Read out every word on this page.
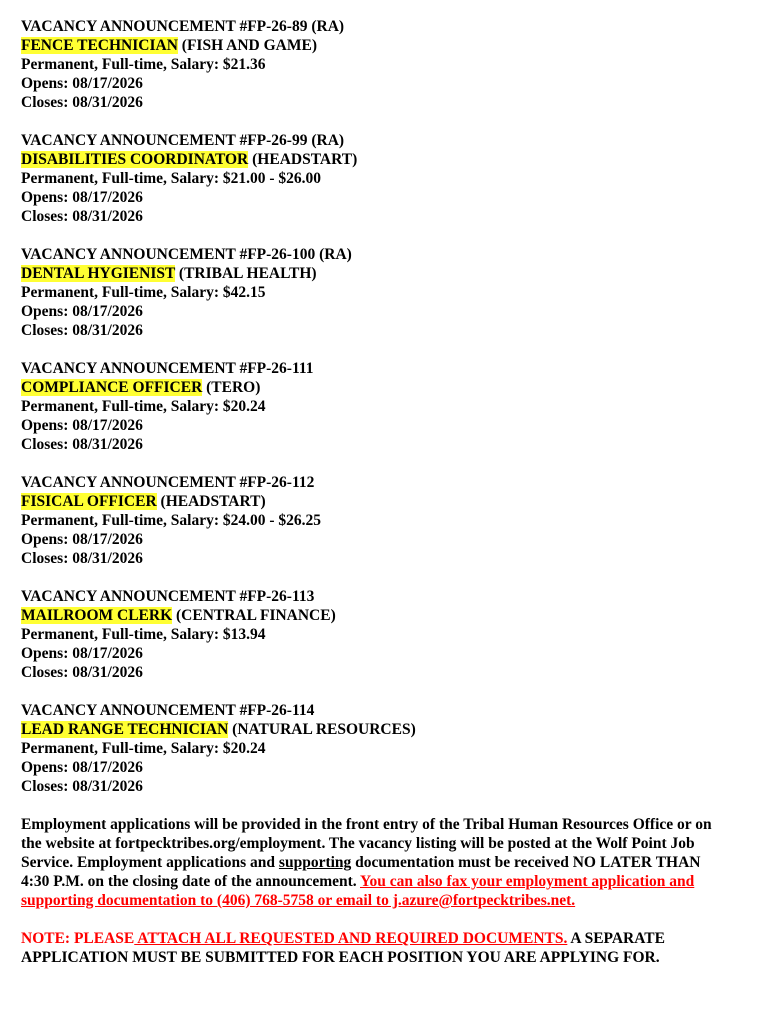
VACANCY ANNOUNCEMENT #FP-26-89 (RA)
FENCE TECHNICIAN (FISH AND GAME)
Permanent, Full-time, Salary: $21.36
Opens: 08/17/2026
Closes: 08/31/2026
VACANCY ANNOUNCEMENT #FP-26-99 (RA)
DISABILITIES COORDINATOR (HEADSTART)
Permanent, Full-time, Salary: $21.00 - $26.00
Opens: 08/17/2026
Closes: 08/31/2026
VACANCY ANNOUNCEMENT #FP-26-100 (RA)
DENTAL HYGIENIST (TRIBAL HEALTH)
Permanent, Full-time, Salary: $42.15
Opens: 08/17/2026
Closes: 08/31/2026
VACANCY ANNOUNCEMENT #FP-26-111
COMPLIANCE OFFICER (TERO)
Permanent, Full-time, Salary: $20.24
Opens: 08/17/2026
Closes: 08/31/2026
VACANCY ANNOUNCEMENT #FP-26-112
FISICAL OFFICER (HEADSTART)
Permanent, Full-time, Salary: $24.00 - $26.25
Opens: 08/17/2026
Closes: 08/31/2026
VACANCY ANNOUNCEMENT #FP-26-113
MAILROOM CLERK (CENTRAL FINANCE)
Permanent, Full-time, Salary: $13.94
Opens: 08/17/2026
Closes: 08/31/2026
VACANCY ANNOUNCEMENT #FP-26-114
LEAD RANGE TECHNICIAN (NATURAL RESOURCES)
Permanent, Full-time, Salary: $20.24
Opens: 08/17/2026
Closes: 08/31/2026
Employment applications will be provided in the front entry of the Tribal Human Resources Office or on the website at fortpecktribes.org/employment. The vacancy listing will be posted at the Wolf Point Job Service. Employment applications and supporting documentation must be received NO LATER THAN 4:30 P.M. on the closing date of the announcement. You can also fax your employment application and supporting documentation to (406) 768-5758 or email to j.azure@fortpecktribes.net.
NOTE: PLEASE ATTACH ALL REQUESTED AND REQUIRED DOCUMENTS. A SEPARATE APPLICATION MUST BE SUBMITTED FOR EACH POSITION YOU ARE APPLYING FOR.
